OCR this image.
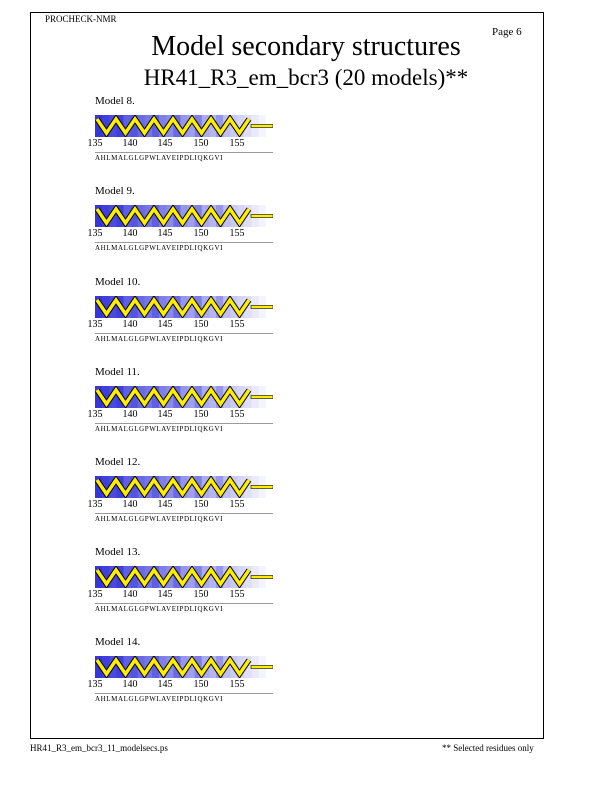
PROCHECK-NMR
Page 6
Model secondary structures
HR41_R3_em_bcr3 (20 models)**
Model 8.
135 140 145 150 155
AHLMALGLGPWLAVEIPDLIQKGVI
Model 9.
135 140 145 150 155
AHLMALGLGPWLAVEIPDLIQKGVI
Model 10.
135 140 145 150 155
AHLMALGLGPWLAVEIPDLIQKGVI
Model 11.
135 140 145 150 155
AHLMALGLGPWLAVEIPDLIQKGVI
Model 12.
135 140 145 150 155
AHLMALGLGPWLAVEIPDLIQKGVI
Model 13.
135 140 145 150 155
AHLMALGLGPWLAVEIPDLIQKGVI
Model 14.
135 140 145 150 155
AHLMALGLGPWLAVEIPDLIQKGVI
HR41_R3_em_bcr3_11_modelsecs.ps	** Selected residues only
